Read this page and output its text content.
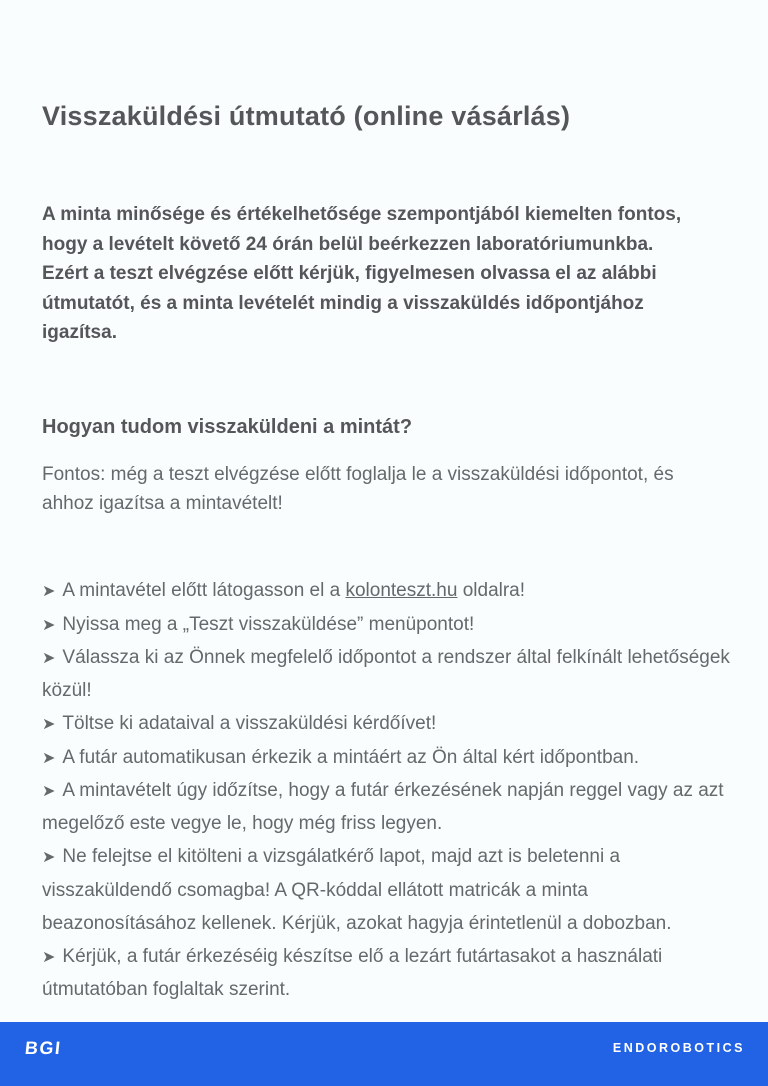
Visszaküldési útmutató (online vásárlás)

A minta minősége és értékelhetősége szempontjából kiemelten fontos, hogy a levételt követő 24 órán belül beérkezzen laboratóriumunkba. Ezért a teszt elvégzése előtt kérjük, figyelmesen olvassa el az alábbi útmutatót, és a minta levételét mindig a visszaküldés időpontjához igazítsa.

Hogyan tudom visszaküldeni a mintát?

Fontos: még a teszt elvégzése előtt foglalja le a visszaküldési időpontot, és ahhoz igazítsa a mintavételt!

➤ A mintavétel előtt látogasson el a kolonteszt.hu oldalra!
➤ Nyissa meg a „Teszt visszaküldése” menüpontot!
➤ Válassza ki az Önnek megfelelő időpontot a rendszer által felkínált lehetőségek közül!
➤ Töltse ki adataival a visszaküldési kérdőívet!
➤ A futár automatikusan érkezik a mintáért az Ön által kért időpontban.
➤ A mintavételt úgy időzítse, hogy a futár érkezésének napján reggel vagy az azt megelőző este vegye le, hogy még friss legyen.
➤ Ne felejtse el kitölteni a vizsgálatkérő lapot, majd azt is beletenni a visszaküldendő csomagba! A QR-kóddal ellátott matricák a minta beazonosításához kellenek. Kérjük, azokat hagyja érintetlenül a dobozban.
➤ Kérjük, a futár érkezéséig készítse elő a lezárt futártasakot a használati útmutatóban foglaltak szerint.
BGI	ENDOROBOTICS
